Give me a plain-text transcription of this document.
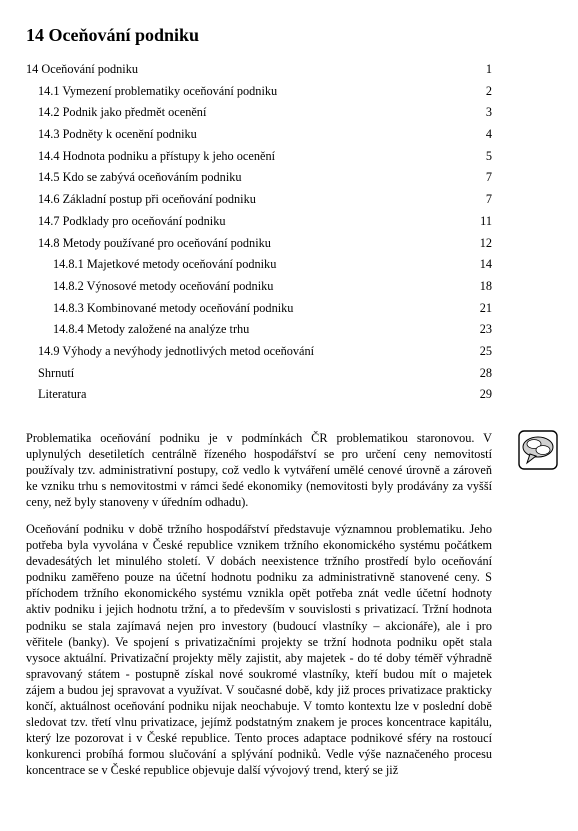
14 Oceňování podniku
14 Oceňování podniku	1
14.1 Vymezení problematiky oceňování podniku	2
14.2 Podnik jako předmět ocenění	3
14.3 Podněty k ocenění podniku	4
14.4 Hodnota podniku a přístupy k jeho ocenění	5
14.5 Kdo se zabývá oceňováním podniku	7
14.6 Základní postup při oceňování podniku	7
14.7 Podklady pro oceňování podniku	11
14.8 Metody používané pro oceňování podniku	12
14.8.1 Majetkové metody oceňování podniku	14
14.8.2 Výnosové metody oceňování podniku	18
14.8.3 Kombinované metody oceňování podniku	21
14.8.4 Metody založené na analýze trhu	23
14.9 Výhody a nevýhody jednotlivých metod oceňování	25
Shrnutí	28
Literatura	29

Problematika oceňování podniku je v podmínkách ČR problematikou staronovou. V uplynulých desetiletích centrálně řízeného hospodářství se pro určení ceny nemovitostí používaly tzv. administrativní postupy, což vedlo k vytváření umělé cenové úrovně a zároveň ke vzniku trhu s nemovitostmi v rámci šedé ekonomiky (nemovitosti byly prodávány za vyšší ceny, než byly stanoveny v úředním odhadu).

Oceňování podniku v době tržního hospodářství představuje významnou problematiku. Jeho potřeba byla vyvolána v České republice vznikem tržního ekonomického systému počátkem devadesátých let minulého století. V dobách neexistence tržního prostředí bylo oceňování podniku zaměřeno pouze na účetní hodnotu podniku za administrativně stanovené ceny. S příchodem tržního ekonomického systému vznikla opět potřeba znát vedle účetní hodnoty aktiv podniku i jejich hodnotu tržní, a to především v souvislosti s privatizací. Tržní hodnota podniku se stala zajímavá nejen pro investory (budoucí vlastníky – akcionáře), ale i pro věřitele (banky). Ve spojení s privatizačními projekty se tržní hodnota podniku opět stala vysoce aktuální. Privatizační projekty měly zajistit, aby majetek - do té doby téměř výhradně spravovaný státem - postupně získal nové soukromé vlastníky, kteří budou mít o majetek zájem a budou jej spravovat a využívat. V současné době, kdy již proces privatizace prakticky končí, aktuálnost oceňování podniku nijak neochabuje. V tomto kontextu lze v poslední době sledovat tzv. třetí vlnu privatizace, jejímž podstatným znakem je proces koncentrace kapitálu, který lze pozorovat i v České republice. Tento proces adaptace podnikové sféry na rostoucí konkurenci probíhá formou slučování a splývání podniků. Vedle výše naznačeného procesu koncentrace se v České republice objevuje další vývojový trend, který se již
